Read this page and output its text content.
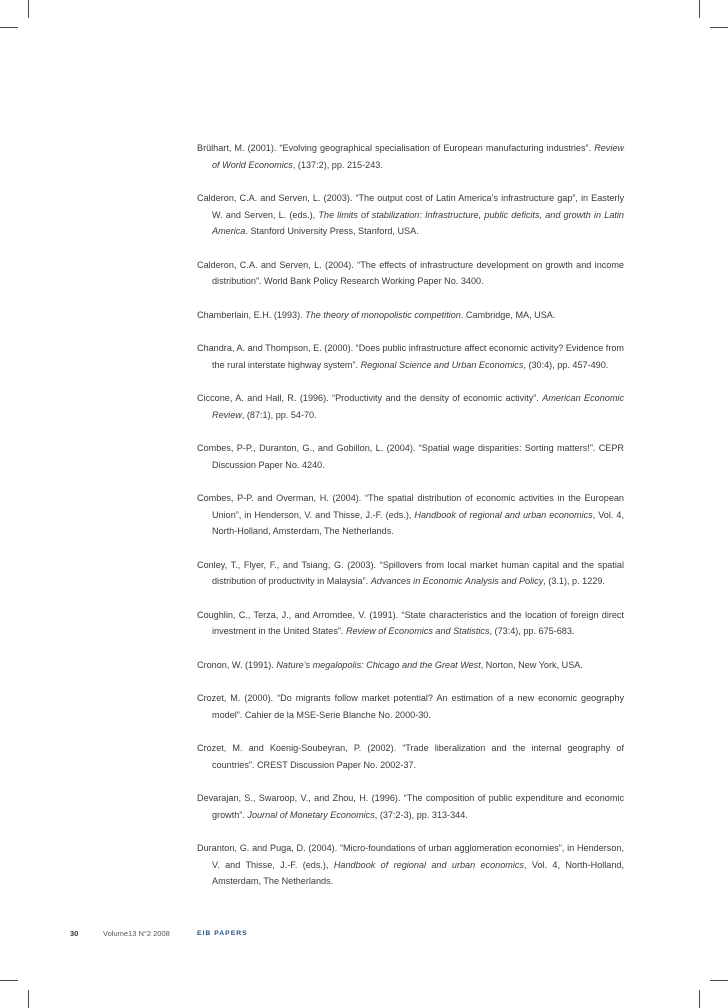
Brülhart, M. (2001). “Evolving geographical specialisation of European manufacturing industries”. Review of World Economics, (137:2), pp. 215-243.

Calderon, C.A. and Serven, L. (2003). “The output cost of Latin America’s infrastructure gap”, in Easterly W. and Serven, L. (eds.), The limits of stabilization: Infrastructure, public deficits, and growth in Latin America. Stanford University Press, Stanford, USA.

Calderon, C.A. and Serven, L. (2004). “The effects of infrastructure development on growth and income distribution”. World Bank Policy Research Working Paper No. 3400.

Chamberlain, E.H. (1993). The theory of monopolistic competition. Cambridge, MA, USA.

Chandra, A. and Thompson, E. (2000). “Does public infrastructure affect economic activity? Evidence from the rural interstate highway system”. Regional Science and Urban Economics, (30:4), pp. 457-490.

Ciccone, A. and Hall, R. (1996). “Productivity and the density of economic activity”. American Economic Review, (87:1), pp. 54-70.

Combes, P-P., Duranton, G., and Gobillon, L. (2004). “Spatial wage disparities: Sorting matters!”. CEPR Discussion Paper No. 4240.

Combes, P-P. and Overman, H. (2004). “The spatial distribution of economic activities in the European Union”, in Henderson, V. and Thisse, J.-F. (eds.), Handbook of regional and urban economics, Vol. 4, North-Holland, Amsterdam, The Netherlands.

Conley, T., Flyer, F., and Tsiang, G. (2003). “Spillovers from local market human capital and the spatial distribution of productivity in Malaysia”. Advances in Economic Analysis and Policy, (3.1), p. 1229.

Coughlin, C., Terza, J., and Arromdee, V. (1991). “State characteristics and the location of foreign direct investment in the United States”. Review of Economics and Statistics, (73:4), pp. 675-683.

Cronon, W. (1991). Nature’s megalopolis: Chicago and the Great West, Norton, New York, USA.

Crozet, M. (2000). “Do migrants follow market potential? An estimation of a new economic geography model”. Cahier de la MSE-Serie Blanche No. 2000-30.

Crozet, M. and Koenig-Soubeyran, P. (2002). “Trade liberalization and the internal geography of countries”. CREST Discussion Paper No. 2002-37.

Devarajan, S., Swaroop, V., and Zhou, H. (1996). “The composition of public expenditure and economic growth”. Journal of Monetary Economics, (37:2-3), pp. 313-344.

Duranton, G. and Puga, D. (2004). “Micro-foundations of urban agglomeration economies”, in Henderson, V. and Thisse, J.-F. (eds.), Handbook of regional and urban economics, Vol. 4, North-Holland, Amsterdam, The Netherlands.

30	Volume13 N°2 2008	EIB PAPERS
